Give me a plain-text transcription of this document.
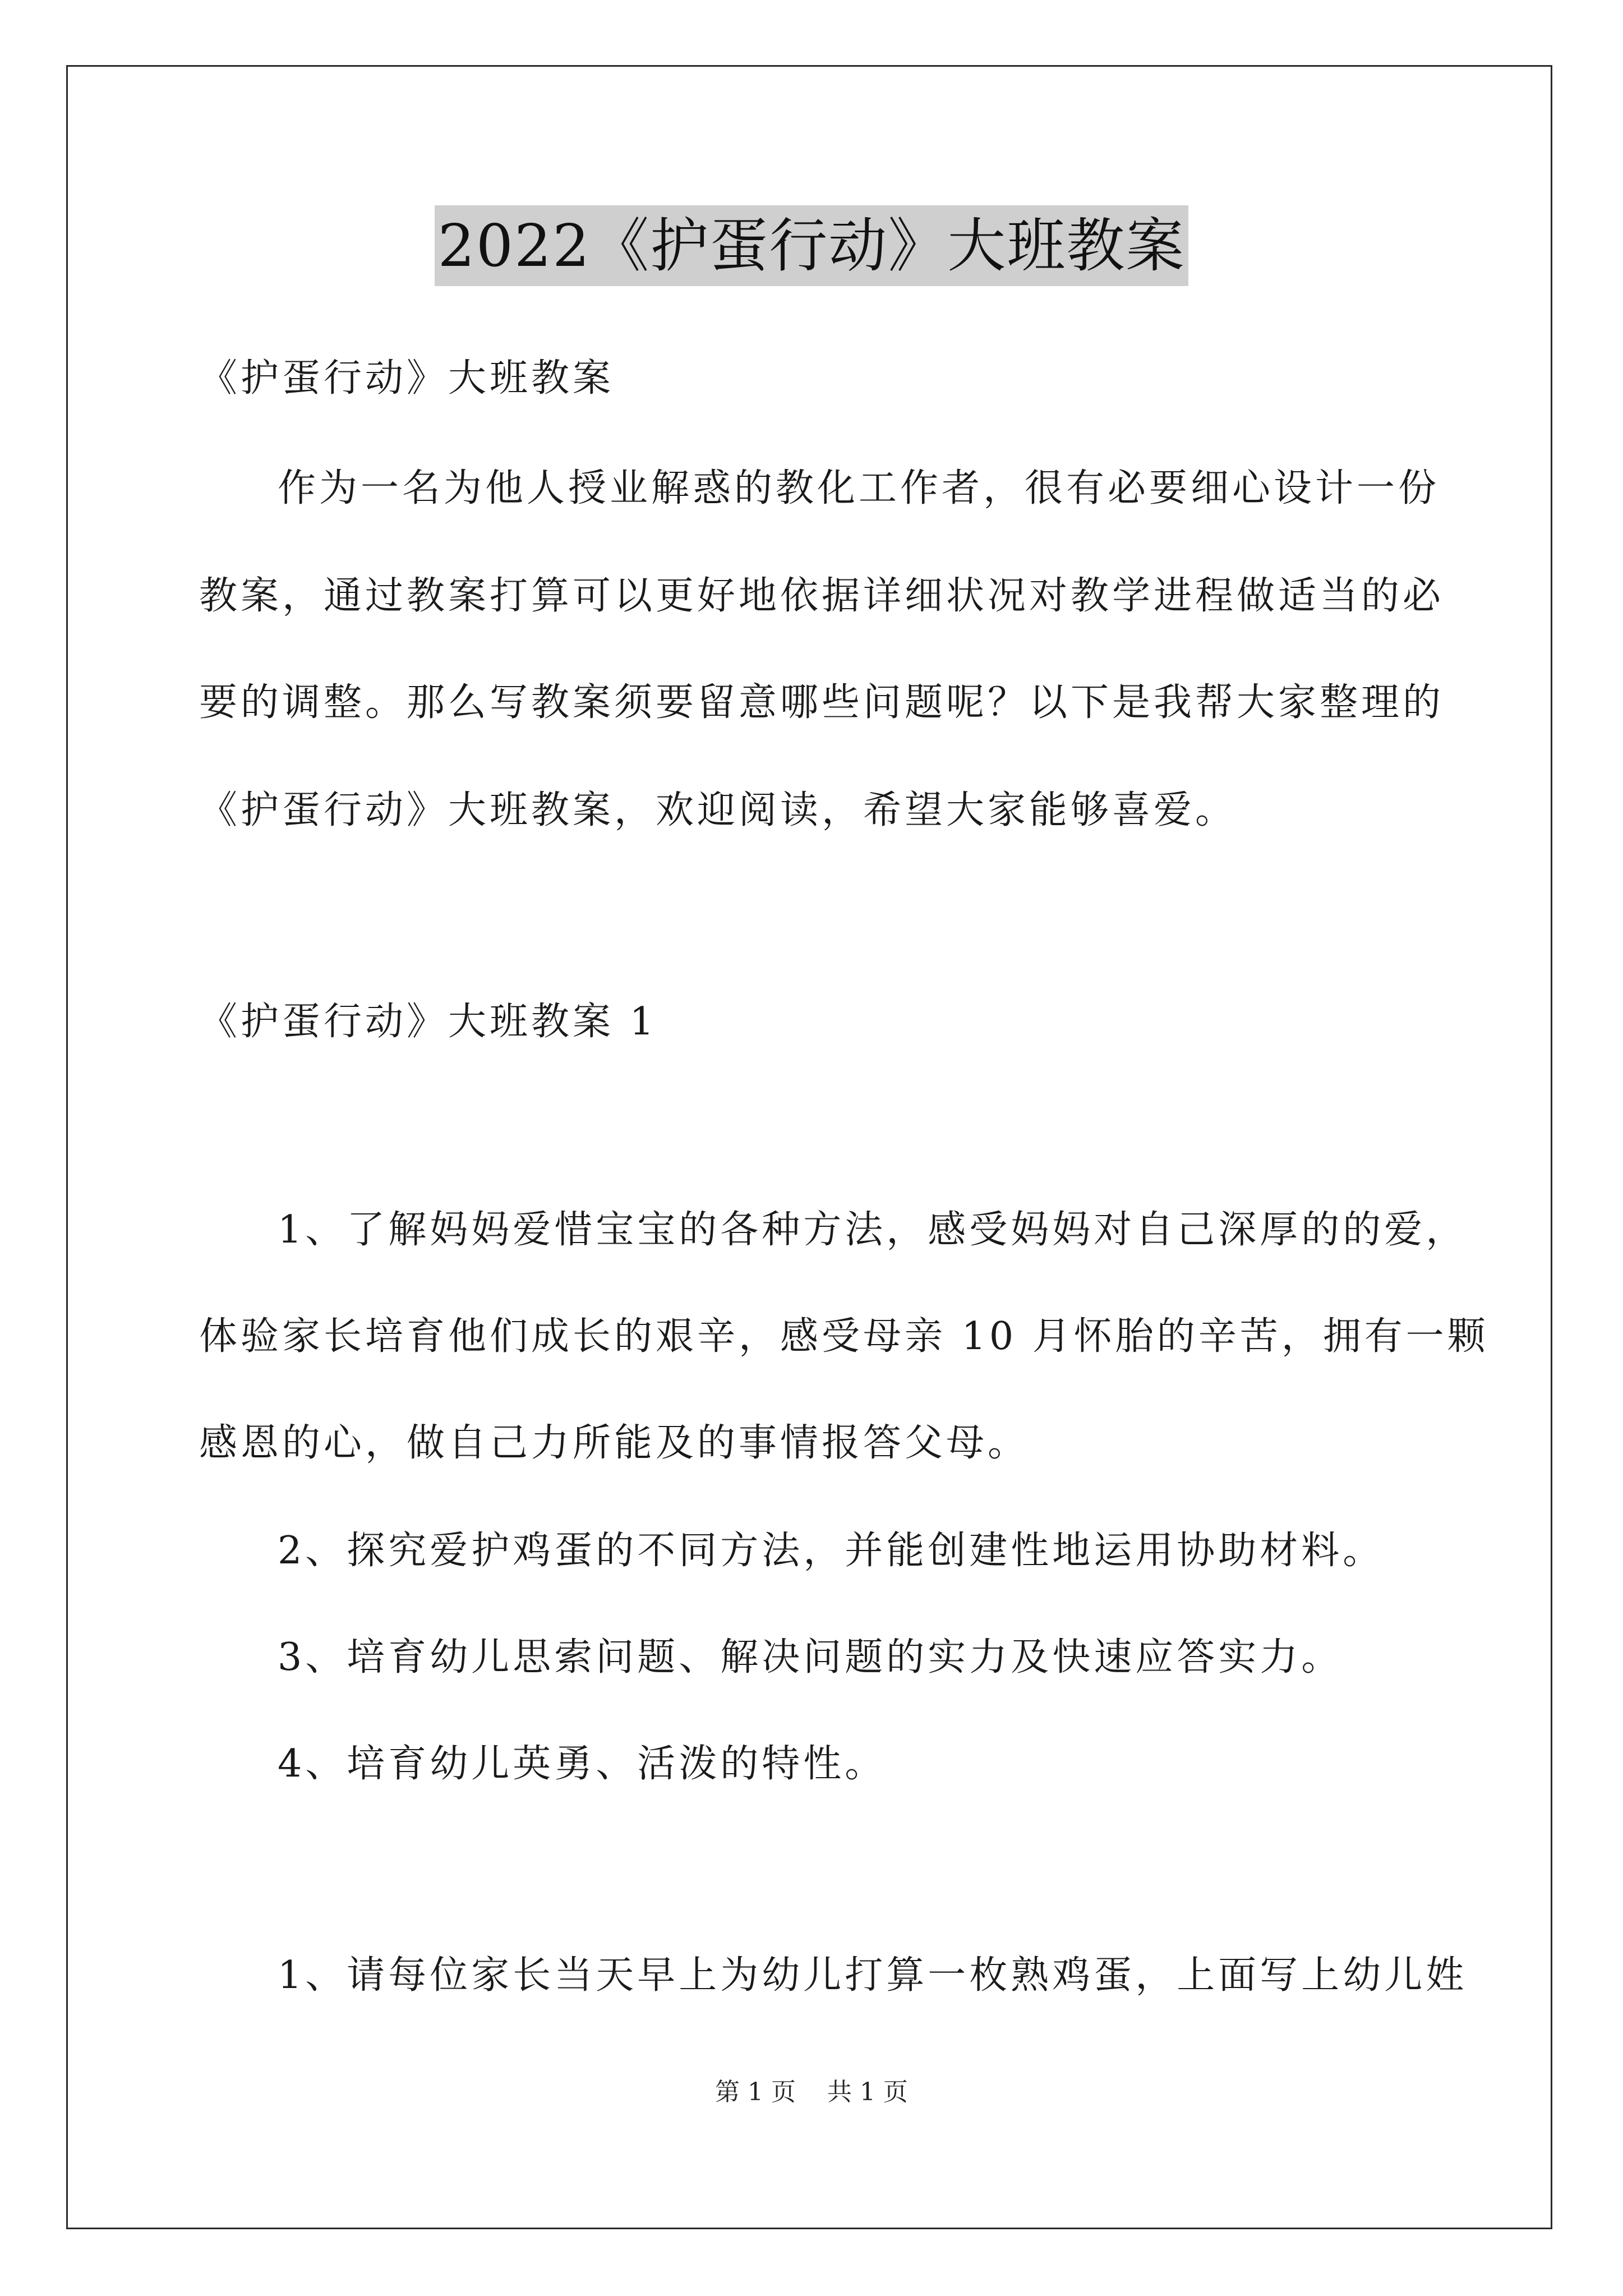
2022《护蛋行动》大班教案
《护蛋行动》大班教案
作为一名为他人授业解惑的教化工作者，很有必要细心设计一份
教案，通过教案打算可以更好地依据详细状况对教学进程做适当的必
要的调整。那么写教案须要留意哪些问题呢？以下是我帮大家整理的
《护蛋行动》大班教案，欢迎阅读，希望大家能够喜爱。
《护蛋行动》大班教案 1
1、了解妈妈爱惜宝宝的各种方法，感受妈妈对自己深厚的的爱，
体验家长培育他们成长的艰辛，感受母亲 10 月怀胎的辛苦，拥有一颗
感恩的心，做自己力所能及的事情报答父母。
2、探究爱护鸡蛋的不同方法，并能创建性地运用协助材料。
3、培育幼儿思索问题、解决问题的实力及快速应答实力。
4、培育幼儿英勇、活泼的特性。
1、请每位家长当天早上为幼儿打算一枚熟鸡蛋，上面写上幼儿姓
第 1 页    共 1 页
